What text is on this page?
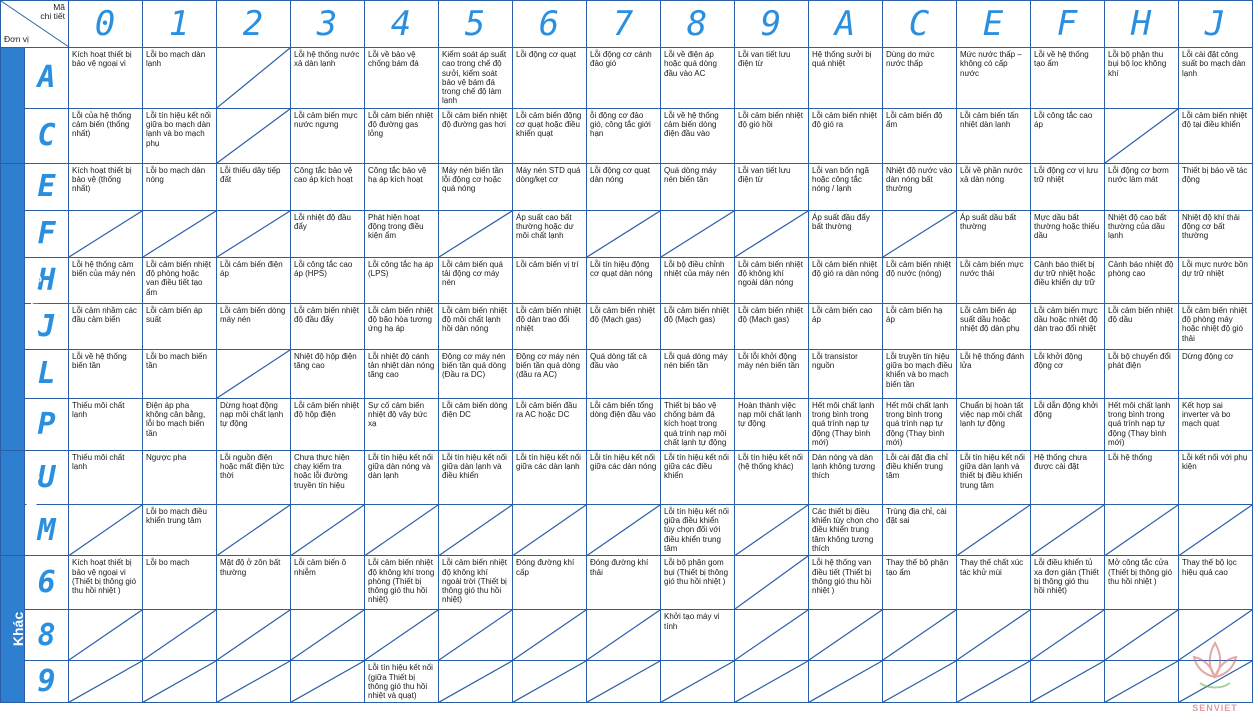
Mã
chi tiết
Đơn vị		0	1	2	3	4	5	6	7	8	9	A	C	E	F	H	J
Dàn lạnh	A	Kích hoạt thiết bị bảo vệ ngoại vi	Lỗi bo mạch dàn lạnh		Lỗi hệ thống nước xả dàn lạnh	Lỗi về bảo vệ chống bám đá	Kiểm soát áp suất cao trong chế độ sưởi, kiểm soát bảo vệ bám đá trong chế độ làm lạnh	Lỗi động cơ quạt	Lỗi động cơ cánh đảo gió	Lỗi về điện áp hoặc quá dòng đầu vào AC	Lỗi van tiết lưu điện từ	Hệ thống sưởi bị quá nhiệt	Dùng do mức nước thấp	Mức nước thấp – không có cấp nước	Lỗi về hệ thống tạo ẩm	Lỗi bộ phận thu bụi bộ lọc không khí	Lỗi cài đặt công suất bo mạch dàn lạnh
	C	Lỗi của hệ thống cảm biến (thống nhất)	Lỗi tín hiệu kết nối giữa bo mạch dàn lạnh và bo mạch phụ		Lỗi cảm biến mực nước ngưng	Lỗi cảm biến nhiệt độ đường gas lỏng	Lỗi cảm biến nhiệt độ đường gas hơi	Lỗi cảm biến động cơ quạt hoặc điều khiển quạt	ỗi động cơ đảo gió, công tắc giới hạn	Lỗi về hệ thống cảm biến dòng điện đầu vào	Lỗi cảm biến nhiệt độ gió hồi	Lỗi cảm biến nhiệt độ gió ra	Lỗi cảm biến độ ẩm	Lỗi cảm biến tấn nhiệt dàn lạnh	Lỗi công tắc cao áp		Lỗi cảm biến nhiệt độ tại điều khiển
Dàn nóng	E	Kích hoạt thiết bị bảo vệ (thống nhất)	Lỗi bo mạch dàn nóng	Lỗi thiếu dây tiếp đất	Công tắc bảo vệ cao áp kích hoạt	Công tắc bảo vệ hạ áp kích hoạt	Máy nén biến tần lỗi động cơ hoặc quá nóng	Máy nén STD quá dòng/kẹt cơ	Lỗi động cơ quạt dàn nóng	Quá dòng máy nén biến tần	Lỗi van tiết lưu điện từ	Lỗi van bốn ngã hoặc công tắc nóng / lạnh	Nhiệt độ nước vào dàn nóng bất thường	Lỗi về phần nước xả dàn nóng	Lỗi động cơ vị lưu trữ nhiệt	Lỗi động cơ bơm nước làm mát	Thiết bị báo về tác động
	F				Lỗi nhiệt độ đầu đẩy	Phát hiện hoạt động trong điều kiện ẩm		Áp suất cao bất thường hoặc dư môi chất lạnh				Áp suất đầu đẩy bất thường		Áp suất dầu bất thường	Mực dầu bất thường hoặc thiếu dầu	Nhiệt độ cao bất thường của dầu lạnh	Nhiệt độ khí thải động cơ bất thường
	H	Lỗi hệ thống cảm biến của máy nén	Lỗi cảm biến nhiệt độ phòng hoặc van điều tiết tạo ẩm	Lỗi cảm biến điện áp	Lỗi công tắc cao áp (HPS)	Lỗi công tắc hạ áp (LPS)	Lỗi cảm biến quá tải động cơ máy nén	Lỗi cảm biến vị trí	Lỗi tín hiệu động cơ quạt dàn nóng	Lỗi bộ điều chỉnh nhiệt của máy nén	Lỗi cảm biến nhiệt độ không khí ngoài dàn nóng	Lỗi cảm biến nhiệt độ gió ra dàn nóng	Lỗi cảm biến nhiệt độ nước (nóng)	Lỗi cảm biến mực nước thải	Cảnh báo thiết bị dự trữ nhiệt hoặc điều khiển dự trữ	Cảnh báo nhiệt độ phòng cao	Lỗi mực nước bồn dự trữ nhiệt
	J	Lỗi cảm nhầm các đầu cảm biến	Lỗi cảm biến áp suất	Lỗi cảm biến dòng máy nén	Lỗi cảm biến nhiệt độ đầu đẩy	Lỗi cảm biến nhiệt độ bão hòa tương ứng hạ áp	Lỗi cảm biến nhiệt độ môi chất lạnh hồi dàn nóng	Lỗi cảm biến nhiệt độ dàn trao đổi nhiệt	Lỗi cảm biến nhiệt độ (Mạch gas)	Lỗi cảm biến nhiệt độ (Mạch gas)	Lỗi cảm biến nhiệt độ (Mạch gas)	Lỗi cảm biến cao áp	Lỗi cảm biến hạ áp	Lỗi cảm biến áp suất dầu hoặc nhiệt độ dàn phụ	Lỗi cảm biến mực dầu hoặc nhiệt độ dàn trao đổi nhiệt	Lỗi cảm biến nhiệt độ dầu	Lỗi cảm biến nhiệt độ phòng máy hoặc nhiệt độ gió thải
	L	Lỗi về hệ thống biến tần	Lỗi bo mạch biến tần		Nhiệt độ hộp điện tăng cao	Lỗi nhiệt độ cánh tản nhiệt dàn nóng tăng cao	Động cơ máy nén biến tần quá dòng (Đầu ra DC)	Động cơ máy nén biến tần quá dòng (đầu ra AC)	Quá dòng tất cả đầu vào	Lỗi quá dòng máy nén biến tần	Lỗi lỗi khởi động máy nén biến tần	Lỗi transistor nguồn	Lỗi truyền tín hiệu giữa bo mạch điều khiển và bo mạch biến tần	Lỗi hệ thống đánh lửa	Lỗi khởi động động cơ	Lỗi bộ chuyển đổi phát điện	Dừng động cơ
	P	Thiếu môi chất lạnh	Điện áp pha không cân bằng, lỗi bo mạch biến tần	Dừng hoạt động nạp môi chất lạnh tự động	Lỗi cảm biến nhiệt độ hộp điện	Sự cố cảm biến nhiệt độ vây bức xạ	Lỗi cảm biến dòng điện DC	Lỗi cảm biến đầu ra AC hoặc DC	Lỗi cảm biến tổng dòng điện đầu vào	Thiết bị bảo vệ chống bám đá kích hoạt trong quá trình nạp môi chất lạnh tự động	Hoàn thành việc nạp môi chất lạnh tự động	Hết môi chất lạnh trong bình trong quá trình nạp tự động (Thay bình mới)	Hết môi chất lạnh trong bình trong quá trình nạp tự động (Thay bình mới)	Chuẩn bị hoàn tất việc nạp môi chất lạnh tự động	Lỗi dẫn động khởi động	Hết môi chất lạnh trong bình trong quá trình nạp tự động (Thay bình mới)	Kết hợp sai inverter và bo mạch quạt
Hệ thống	U	Thiếu môi chất lạnh	Ngược pha	Lỗi nguồn điện hoặc mất điện tức thời	Chưa thực hiện chạy kiểm tra hoặc lỗi đường truyền tín hiệu	Lỗi tín hiệu kết nối giữa dàn nóng và dàn lạnh	Lỗi tín hiệu kết nối giữa dàn lạnh và điều khiển	Lỗi tín hiệu kết nối giữa các dàn lạnh	Lỗi tín hiệu kết nối giữa các dàn nóng	Lỗi tín hiệu kết nối giữa các điều khiển	Lỗi tín hiệu kết nối (hệ thống khác)	Dàn nóng và dàn lạnh không tương thích	Lỗi cài đặt địa chỉ điều khiển trung tâm	Lỗi tín hiệu kết nối giữa dàn lạnh và thiết bị điều khiển trung tâm	Hệ thống chưa được cài đặt	Lỗi hệ thống	Lỗi kết nối với phụ kiện
	M		Lỗi bo mạch điều khiển trung tâm							Lỗi tín hiệu kết nối giữa điều khiển tùy chọn đối với điều khiển trung tâm		Các thiết bị điều khiển tùy chọn cho điều khiển trung tâm không tương thích	Trùng địa chỉ, cài đặt sai	

Khác	6	Kích hoạt thiết bị bảo vệ ngoại vi (Thiết bị thông gió thu hồi nhiệt )	Lỗi bo mạch	Mật độ ở zôn bất thường	Lỗi cảm biến ô nhiễm	Lỗi cảm biến nhiệt độ không khí trong phòng (Thiết bị thông gió thu hồi nhiệt)	Lỗi cảm biến nhiệt độ không khí ngoài trời (Thiết bị thông gió thu hồi nhiệt)	Đóng đường khí cấp	Đóng đường khí thải	Lỗi bộ phận gom bụi (Thiết bị thông gió thu hồi nhiệt )		Lỗi hệ thống van điều tiết (Thiết bị thông gió thu hồi nhiệt )	Thay thế bộ phận tạo ẩm	Thay thế chất xúc tác khử mùi	Lỗi điều khiển tủ xa đơn giản (Thiết bị thông gió thu hồi nhiệt)	Mở công tắc cửa (Thiết bị thông gió thu hồi nhiệt )	Thay thế bộ lọc hiệu quả cao
	8									Khởi tạo máy vi tính	

	9					Lỗi tín hiệu kết nối (giữa Thiết bị thông gió thu hồi nhiệt và quạt)	

SENVIET
